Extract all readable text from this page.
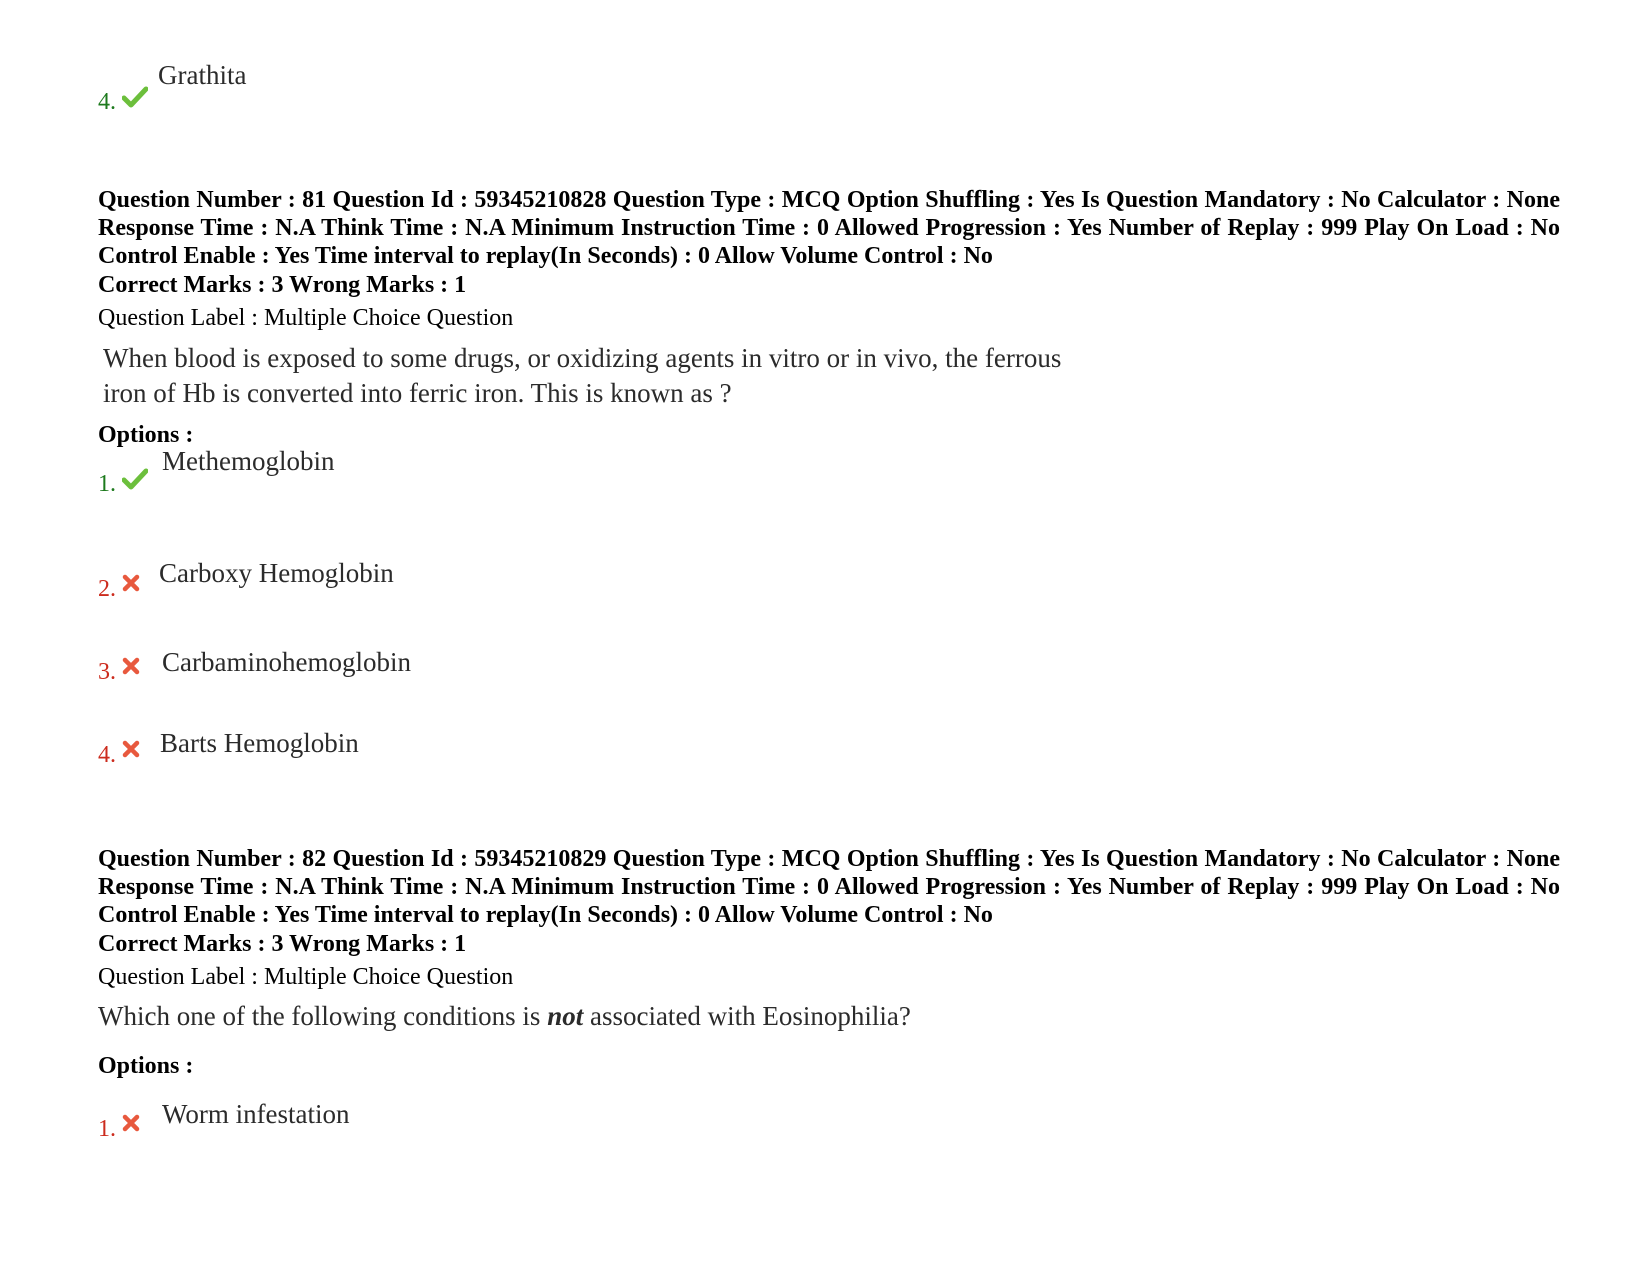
4.
Grathita
Question Number : 81 Question Id : 59345210828 Question Type : MCQ Option Shuffling : Yes Is Question Mandatory : No Calculator : None Response Time : N.A Think Time : N.A Minimum Instruction Time : 0 Allowed Progression : Yes Number of Replay : 999 Play On Load : No Control Enable : Yes Time interval to replay(In Seconds) : 0 Allow Volume Control : No
Correct Marks : 3 Wrong Marks : 1
Question Label : Multiple Choice Question
When blood is exposed to some drugs, or oxidizing agents in vitro or in vivo, the ferrous
iron of Hb is converted into ferric iron. This is known as ?
Options :
1.
Methemoglobin
2.
Carboxy Hemoglobin
3. Carbaminohemoglobin
4. Barts Hemoglobin
Question Number : 82 Question Id : 59345210829 Question Type : MCQ Option Shuffling : Yes Is Question Mandatory : No Calculator : None Response Time : N.A Think Time : N.A Minimum Instruction Time : 0 Allowed Progression : Yes Number of Replay : 999 Play On Load : No Control Enable : Yes Time interval to replay(In Seconds) : 0 Allow Volume Control : No
Correct Marks : 3 Wrong Marks : 1
Question Label : Multiple Choice Question
Which one of the following conditions is not associated with Eosinophilia?
Options :
1. Worm infestation
